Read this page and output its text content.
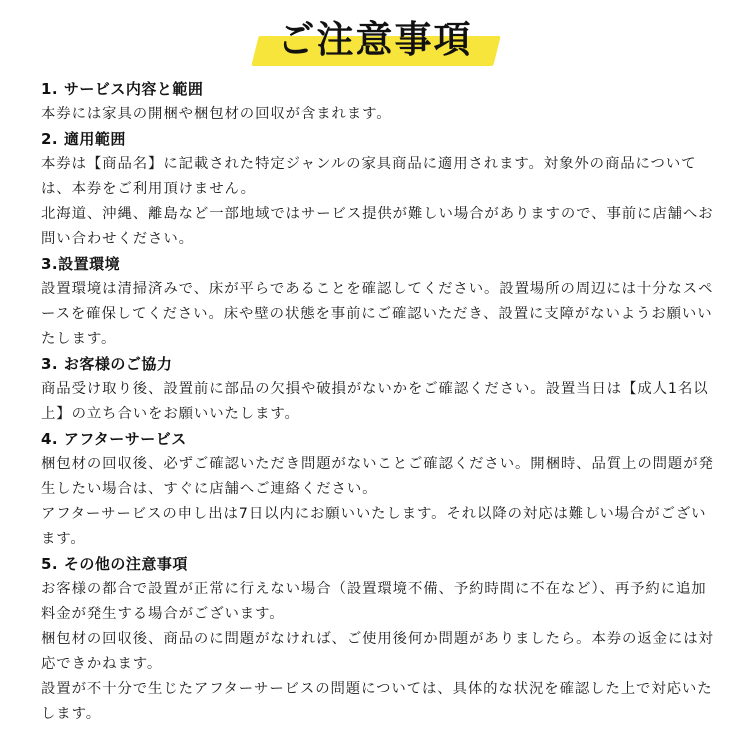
ご注意事項

1. サービス内容と範囲

本券には家具の開梱や梱包材の回収が含まれます。

2. 適用範囲

本券は【商品名】に記載された特定ジャンルの家具商品に適用されます。対象外の商品については、本券をご利用頂けません。

北海道、沖縄、離島など一部地域ではサービス提供が難しい場合がありますので、事前に店舗へお問い合わせください。

3.設置環境

設置環境は清掃済みで、床が平らであることを確認してください。設置場所の周辺には十分なスペースを確保してください。床や壁の状態を事前にご確認いただき、設置に支障がないようお願いいたします。

3. お客様のご協力

商品受け取り後、設置前に部品の欠損や破損がないかをご確認ください。設置当日は【成人1名以上】の立ち合いをお願いいたします。

4. アフターサービス

梱包材の回収後、必ずご確認いただき問題がないことご確認ください。開梱時、品質上の問題が発生したい場合は、すぐに店舗へご連絡ください。

アフターサービスの申し出は7日以内にお願いいたします。それ以降の対応は難しい場合がございます。

5. その他の注意事項

お客様の都合で設置が正常に行えない場合（設置環境不備、予約時間に不在など）、再予約に追加料金が発生する場合がございます。

梱包材の回収後、商品のに問題がなければ、ご使用後何か問題がありましたら。本券の返金には対応できかねます。

設置が不十分で生じたアフターサービスの問題については、具体的な状況を確認した上で対応いたします。
